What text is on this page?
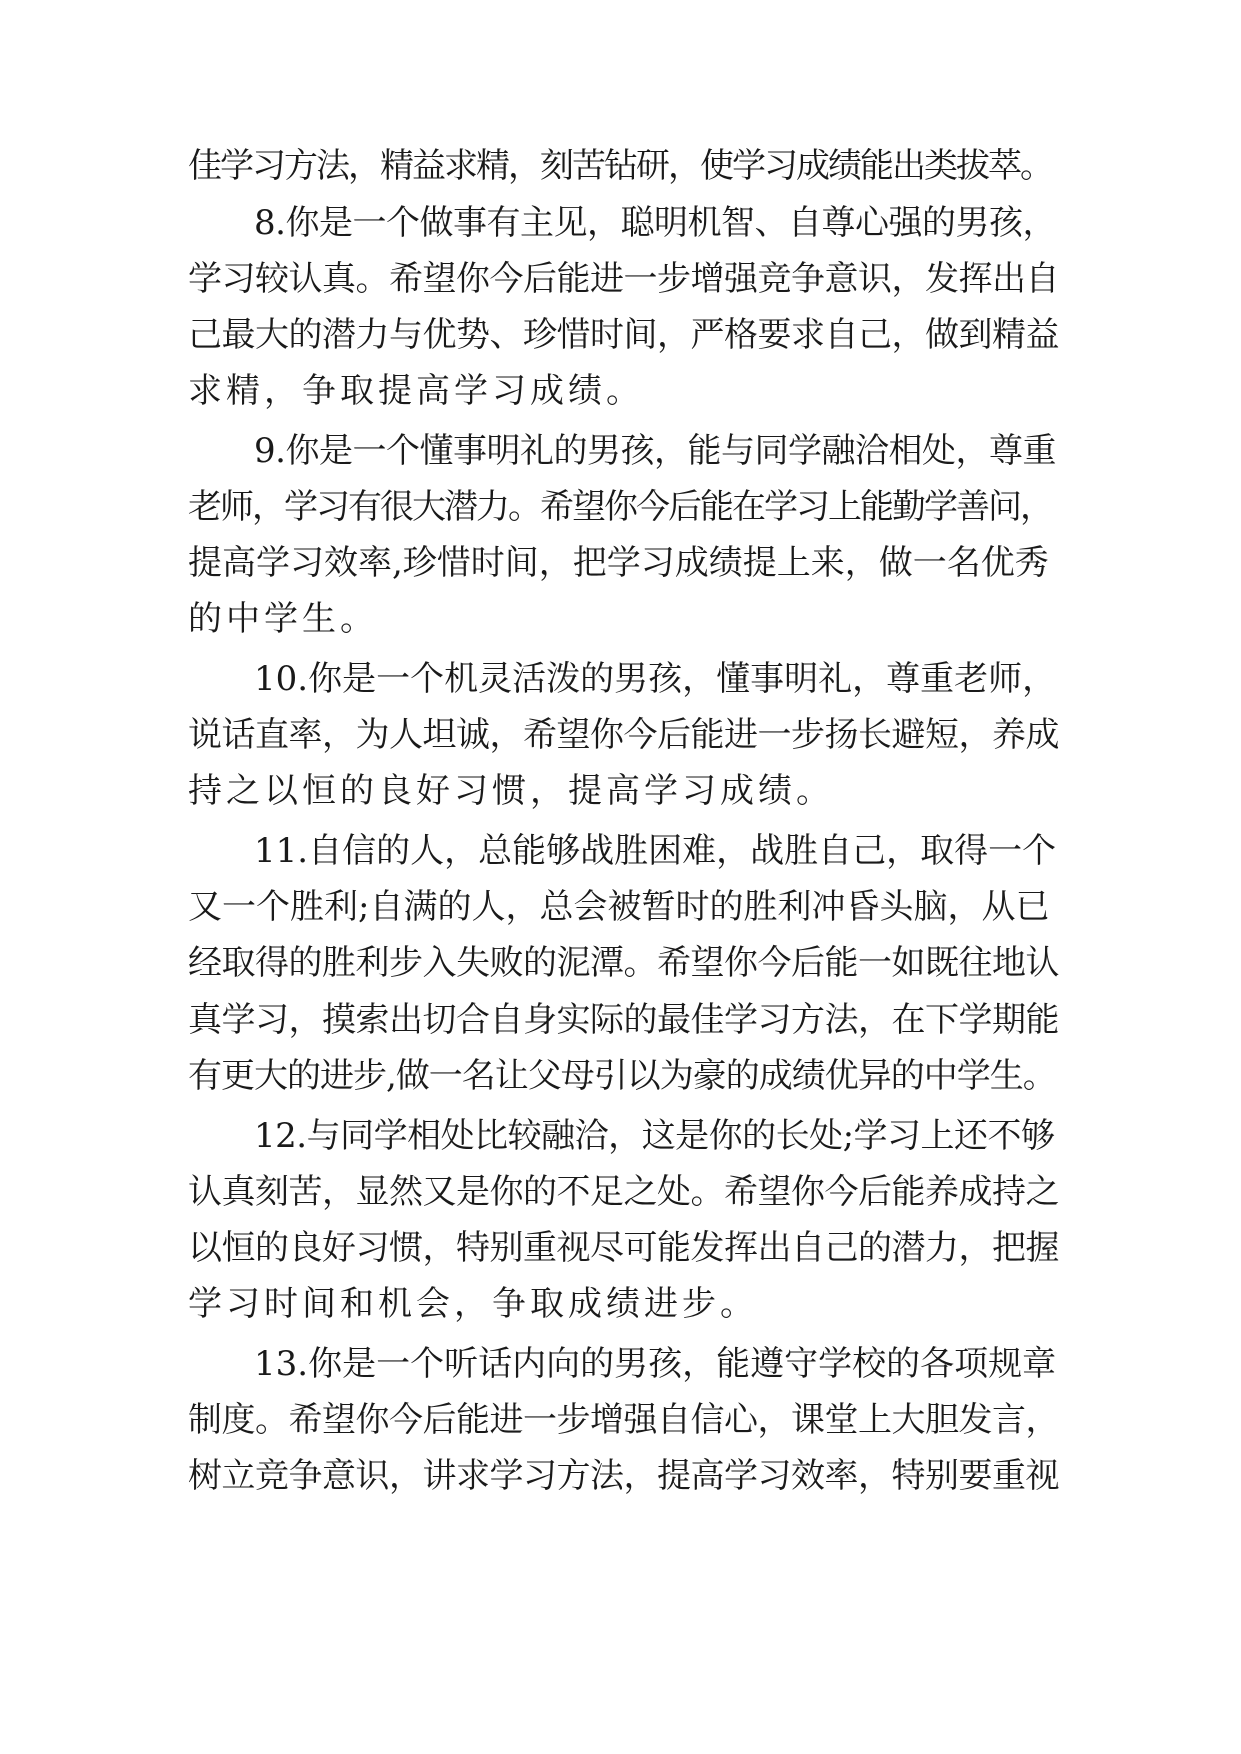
佳学习方法，精益求精，刻苦钻研，使学习成绩能出类拔萃。
8.你是一个做事有主见，聪明机智、自尊心强的男孩，
学习较认真。希望你今后能进一步增强竞争意识，发挥出自
己最大的潜力与优势、珍惜时间，严格要求自己，做到精益
求精，争取提高学习成绩。
9.你是一个懂事明礼的男孩，能与同学融洽相处，尊重
老师，学习有很大潜力。希望你今后能在学习上能勤学善问，
提高学习效率,珍惜时间，把学习成绩提上来，做一名优秀
的中学生。
10.你是一个机灵活泼的男孩，懂事明礼，尊重老师，
说话直率，为人坦诚，希望你今后能进一步扬长避短，养成
持之以恒的良好习惯，提高学习成绩。
11.自信的人，总能够战胜困难，战胜自己，取得一个
又一个胜利;自满的人，总会被暂时的胜利冲昏头脑，从已
经取得的胜利步入失败的泥潭。希望你今后能一如既往地认
真学习，摸索出切合自身实际的最佳学习方法，在下学期能
有更大的进步,做一名让父母引以为豪的成绩优异的中学生。
12.与同学相处比较融洽，这是你的长处;学习上还不够
认真刻苦，显然又是你的不足之处。希望你今后能养成持之
以恒的良好习惯，特别重视尽可能发挥出自己的潜力，把握
学习时间和机会，争取成绩进步。
13.你是一个听话内向的男孩，能遵守学校的各项规章
制度。希望你今后能进一步增强自信心，课堂上大胆发言，
树立竞争意识，讲求学习方法，提高学习效率，特别要重视
